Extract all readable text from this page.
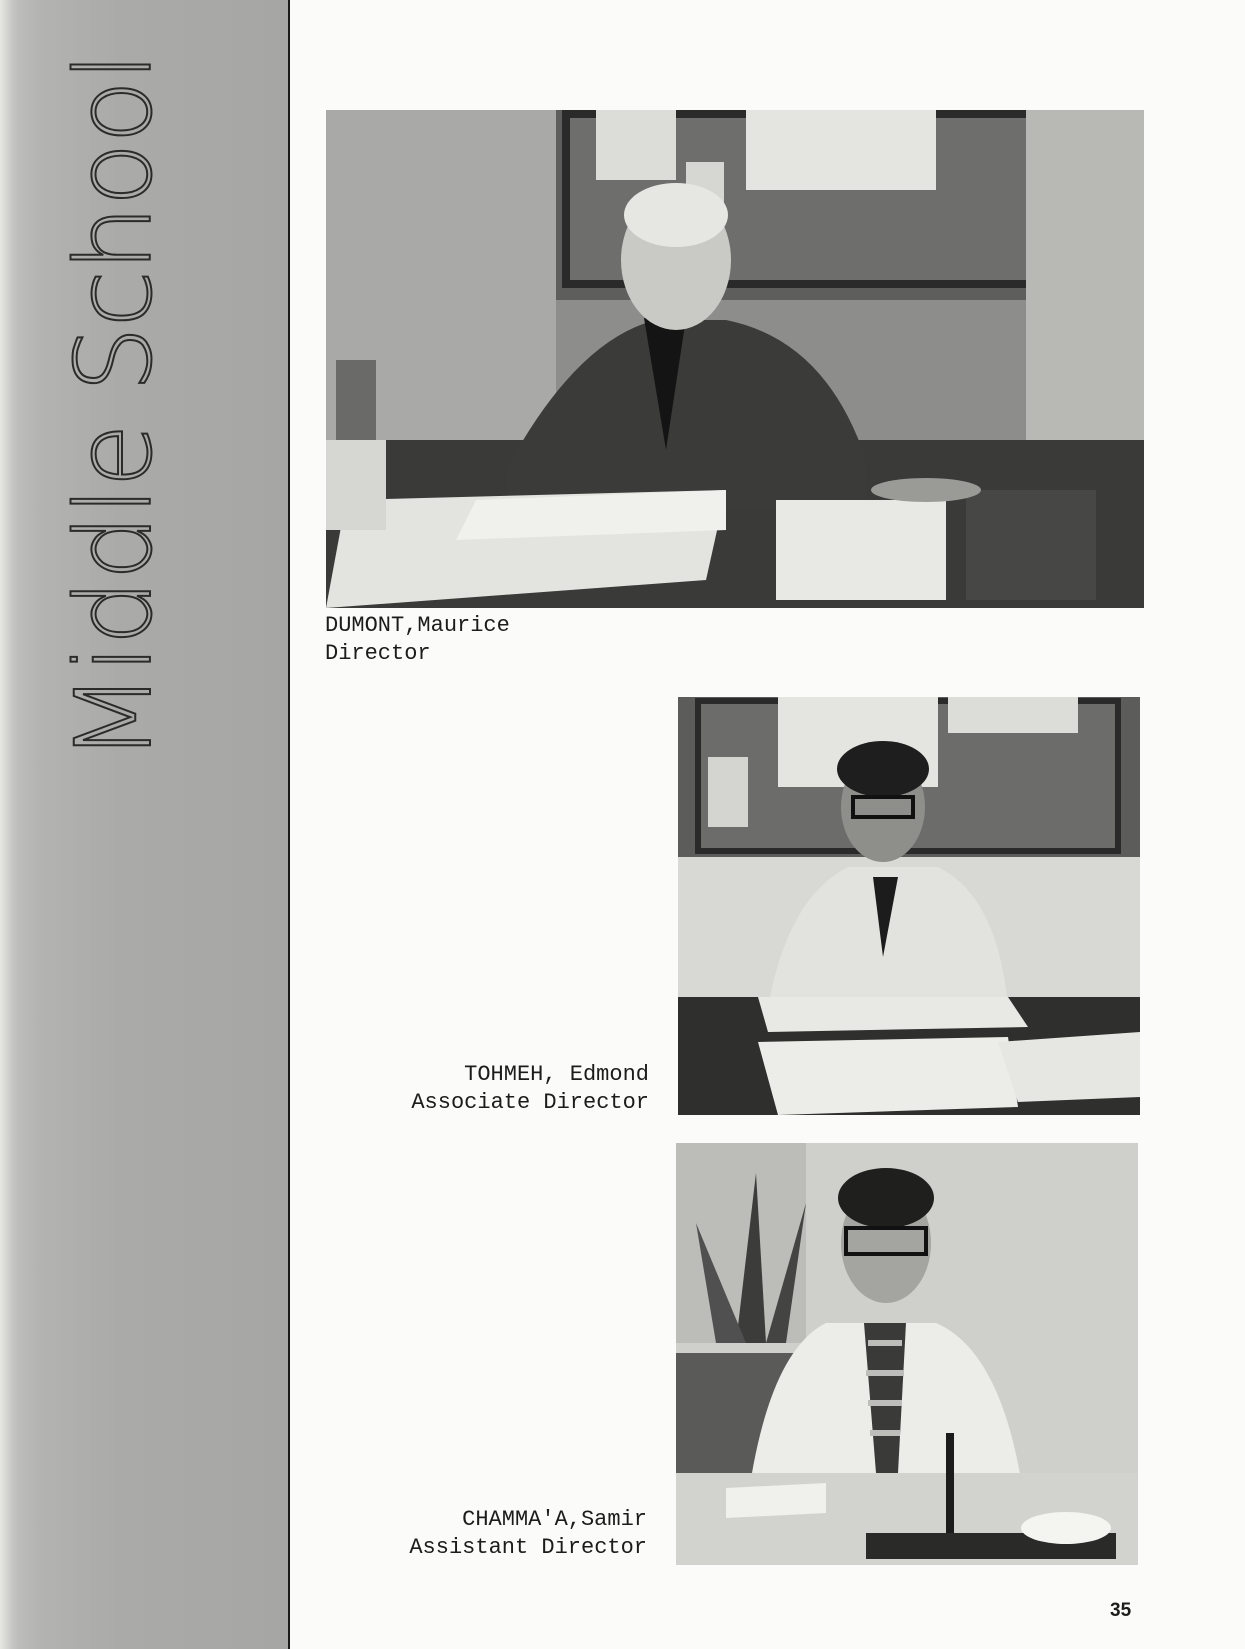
Middle School	DUMONT,Maurice
Director
TOHMEH, Edmond
Associate Director
CHAMMA'A,Samir
Assistant Director
35
